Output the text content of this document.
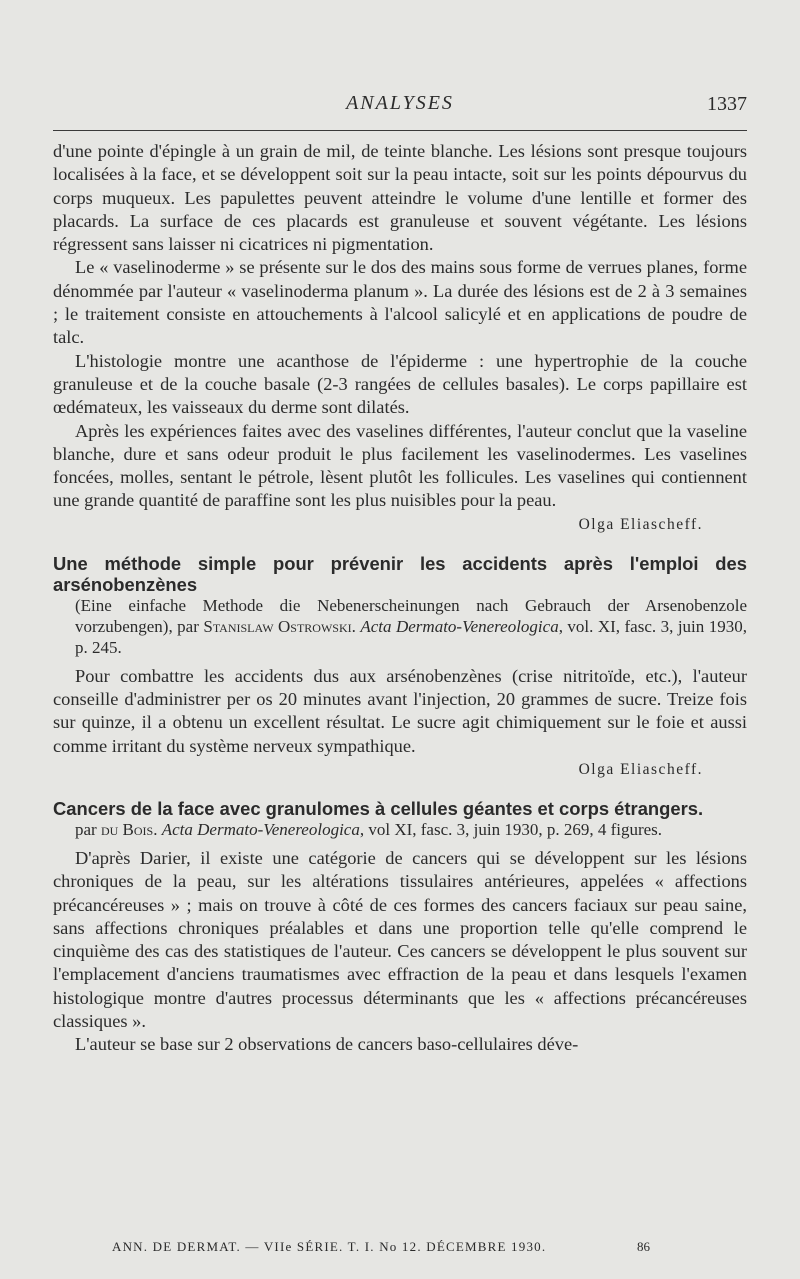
ANALYSES	1337

d'une pointe d'épingle à un grain de mil, de teinte blanche. Les lésions sont presque toujours localisées à la face, et se développent soit sur la peau intacte, soit sur les points dépourvus du corps muqueux. Les papulettes peuvent atteindre le volume d'une lentille et former des placards. La surface de ces placards est granuleuse et souvent végétante. Les lésions régressent sans laisser ni cicatrices ni pigmentation.

Le « vaselinoderme » se présente sur le dos des mains sous forme de verrues planes, forme dénommée par l'auteur « vaselinoderma planum ». La durée des lésions est de 2 à 3 semaines ; le traitement consiste en attouchements à l'alcool salicylé et en applications de poudre de talc.

L'histologie montre une acanthose de l'épiderme : une hypertrophie de la couche granuleuse et de la couche basale (2-3 rangées de cellules basales). Le corps papillaire est œdémateux, les vaisseaux du derme sont dilatés.

Après les expériences faites avec des vaselines différentes, l'auteur conclut que la vaseline blanche, dure et sans odeur produit le plus facilement les vaselinodermes. Les vaselines foncées, molles, sentant le pétrole, lèsent plutôt les follicules. Les vaselines qui contiennent une grande quantité de paraffine sont les plus nuisibles pour la peau.

Olga Eliascheff.
Une méthode simple pour prévenir les accidents après l'emploi des arsénobenzènes
(Eine einfache Methode die Nebenerscheinungen nach Gebrauch der Arsenobenzole vorzubengen), par Stanislaw Ostrowski. Acta Dermato-Venereologica, vol. XI, fasc. 3, juin 1930, p. 245.

Pour combattre les accidents dus aux arsénobenzènes (crise nitritoïde, etc.), l'auteur conseille d'administrer per os 20 minutes avant l'injection, 20 grammes de sucre. Treize fois sur quinze, il a obtenu un excellent résultat. Le sucre agit chimiquement sur le foie et aussi comme irritant du système nerveux sympathique.

Olga Eliascheff.
Cancers de la face avec granulomes à cellules géantes et corps étrangers.
par du Bois. Acta Dermato-Venereologica, vol XI, fasc. 3, juin 1930, p. 269, 4 figures.

D'après Darier, il existe une catégorie de cancers qui se développent sur les lésions chroniques de la peau, sur les altérations tissulaires antérieures, appelées « affections précancéreuses » ; mais on trouve à côté de ces formes des cancers faciaux sur peau saine, sans affections chroniques préalables et dans une proportion telle qu'elle comprend le cinquième des cas des statistiques de l'auteur. Ces cancers se développent le plus souvent sur l'emplacement d'anciens traumatismes avec effraction de la peau et dans lesquels l'examen histologique montre d'autres processus déterminants que les « affections précancéreuses classiques ».

L'auteur se base sur 2 observations de cancers baso-cellulaires déve-

ANN. DE DERMAT. — VIIe SÉRIE. T. I. No 12. DÉCEMBRE 1930.	86
